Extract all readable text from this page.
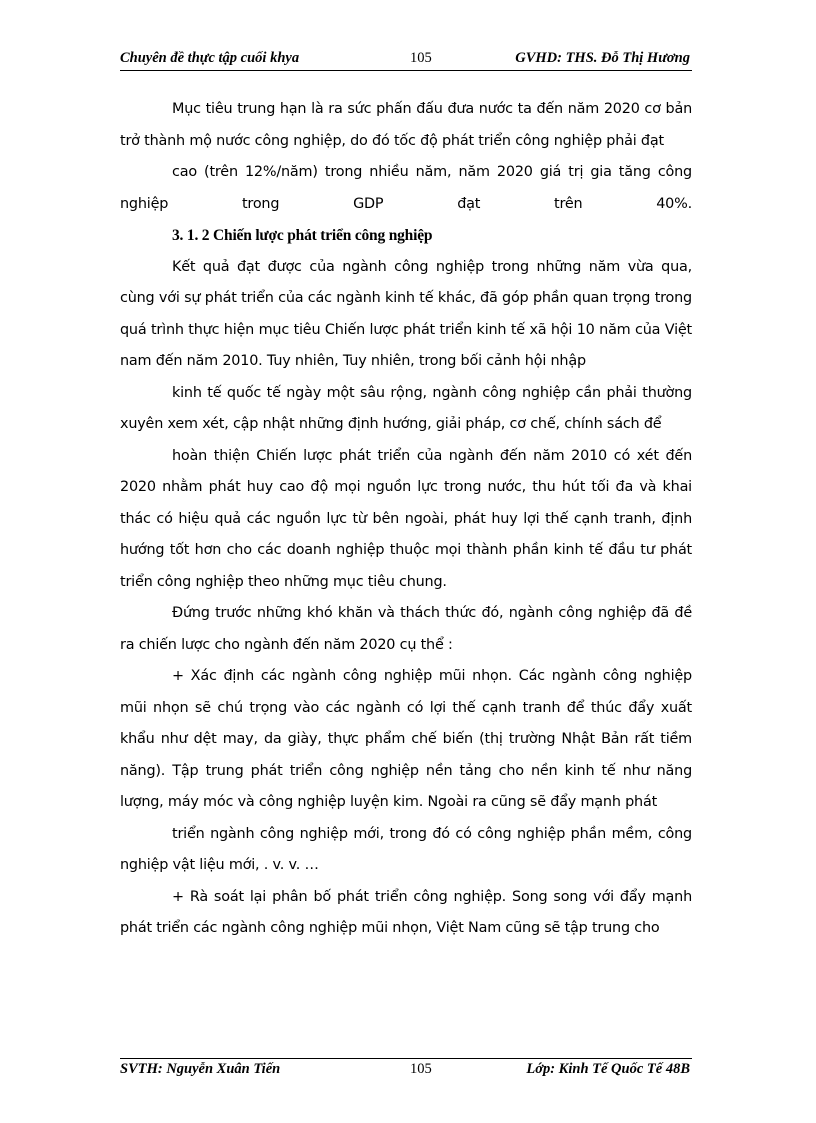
Chuyên đề thực tập cuối khya	105	GVHD: THS. Đỗ Thị Hương

Mục tiêu trung hạn là ra sức phấn đấu đưa nước ta đến năm 2020 cơ bản trở thành mộ nước công nghiệp, do đó tốc độ phát triển công nghiệp phải đạt

cao (trên 12%/năm) trong nhiều năm, năm 2020 giá trị gia tăng công nghiệp trong GDP đạt trên 40%.

3. 1. 2 Chiến lược phát triển công nghiệp

Kết quả đạt được của ngành công nghiệp trong những năm vừa qua, cùng với sự phát triển của các ngành kinh tế khác, đã góp phần quan trọng trong quá trình thực hiện mục tiêu Chiến lược phát triển kinh tế xã hội 10 năm của Việt nam đến năm 2010. Tuy nhiên, Tuy nhiên, trong bối cảnh hội nhập

kinh tế quốc tế ngày một sâu rộng, ngành công nghiệp cần phải thường xuyên xem xét, cập nhật những định hướng, giải pháp, cơ chế, chính sách để

hoàn thiện Chiến lược phát triển của ngành đến năm 2010 có xét đến 2020 nhằm phát huy cao độ mọi nguồn lực trong nước, thu hút tối đa và khai thác có hiệu quả các nguồn lực từ bên ngoài, phát huy lợi thế cạnh tranh, định hướng tốt hơn cho các doanh nghiệp thuộc mọi thành phần kinh tế đầu tư phát triển công nghiệp theo những mục tiêu chung.

Đứng trước những khó khăn và thách thức đó, ngành công nghiệp đã đề ra chiến lược cho ngành đến năm 2020 cụ thể :

+ Xác định các ngành công nghiệp mũi nhọn. Các ngành công nghiệp mũi nhọn sẽ chú trọng vào các ngành có lợi thế cạnh tranh để thúc đẩy xuất khẩu như dệt may, da giày, thực phẩm chế biến (thị trường Nhật Bản rất tiềm năng). Tập trung phát triển công nghiệp nền tảng cho nền kinh tế như năng lượng, máy móc và công nghiệp luyện kim. Ngoài ra cũng sẽ đẩy mạnh phát

triển ngành công nghiệp mới, trong đó có công nghiệp phần mềm, công nghiệp vật liệu mới, . v. v. …

+ Rà soát lại phân bố phát triển công nghiệp. Song song với đẩy mạnh phát triển các ngành công nghiệp mũi nhọn, Việt Nam cũng sẽ tập trung cho

SVTH: Nguyễn Xuân Tiến	105	Lớp: Kinh Tế Quốc Tế 48B
